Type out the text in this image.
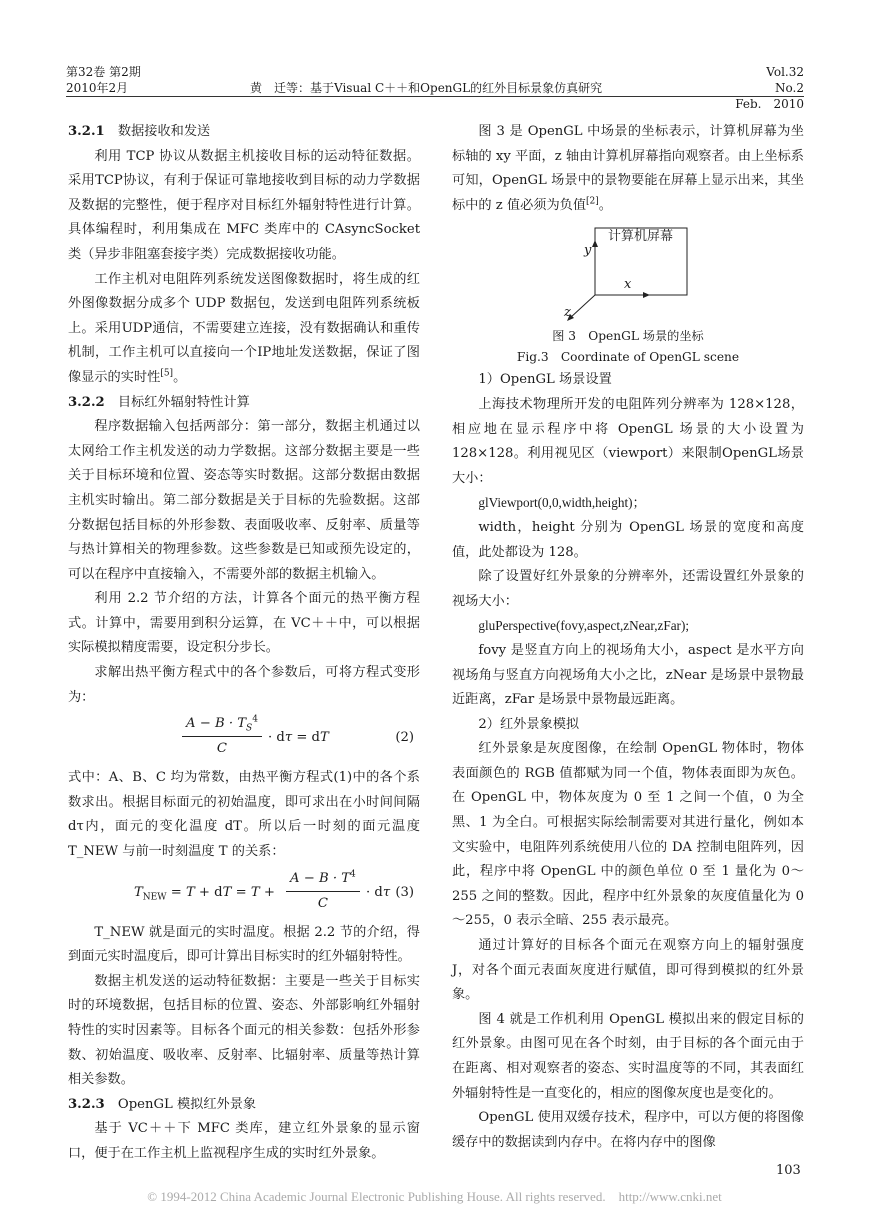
第32卷 第2期
2010年2月	黄　迁等：基于Visual C＋＋和OpenGL的红外目标景象仿真研究
Vol.32　No.2
Feb.　2010

3.2.1　 数据接收和发送

利用 TCP 协议从数据主机接收目标的运动特征数据。采用TCP协议，有利于保证可靠地接收到目标的动力学数据及数据的完整性，便于程序对目标红外辐射特性进行计算。具体编程时，利用集成在 MFC 类库中的 CAsyncSocket 类（异步非阻塞套接字类）完成数据接收功能。

工作主机对电阻阵列系统发送图像数据时，将生成的红外图像数据分成多个 UDP 数据包，发送到电阻阵列系统板上。采用UDP通信，不需要建立连接，没有数据确认和重传机制，工作主机可以直接向一个IP地址发送数据，保证了图像显示的实时性[5]。

3.2.2　 目标红外辐射特性计算

程序数据输入包括两部分：第一部分，数据主机通过以太网给工作主机发送的动力学数据。这部分数据主要是一些关于目标环境和位置、姿态等实时数据。这部分数据由数据主机实时输出。第二部分数据是关于目标的先验数据。这部分数据包括目标的外形参数、表面吸收率、反射率、质量等与热计算相关的物理参数。这些参数是已知或预先设定的，可以在程序中直接输入，不需要外部的数据主机输入。

利用 2.2 节介绍的方法，计算各个面元的热平衡方程式。计算中，需要用到积分运算，在 VC＋＋中，可以根据实际模拟精度需要，设定积分步长。

求解出热平衡方程式中的各个参数后，可将方程式变形为：

$\frac{A - B \cdot T_S^4}{C} \cdot d\tau$ = dT	(2)

式中：A、B、C 均为常数，由热平衡方程式(1)中的各个系数求出。根据目标面元的初始温度，即可求出在小时间间隔 dτ内，面元的变化温度 dT。所以后一时刻的面元温度 T_NEW 与前一时刻温度 T 的关系：

$T_{NEW} = T$ + dT = $T + \frac{A - B \cdot T^4}{C} \cdot d\tau$ (3)

T_NEW 就是面元的实时温度。根据 2.2 节的介绍，得到面元实时温度后，即可计算出目标实时的红外辐射特性。

数据主机发送的运动特征数据：主要是一些关于目标实时的环境数据，包括目标的位置、姿态、外部影响红外辐射特性的实时因素等。目标各个面元的相关参数：包括外形参数、初始温度、吸收率、反射率、比辐射率、质量等热计算相关参数。

3.2.3　 OpenGL 模拟红外景象

基于 VC＋＋下 MFC 类库，建立红外景象的显示窗口，便于在工作主机上监视程序生成的实时红外景象。

图 3 是 OpenGL 中场景的坐标表示，计算机屏幕为坐标轴的 xy 平面，z 轴由计算机屏幕指向观察者。由上坐标系可知，OpenGL 场景中的景物要能在屏幕上显示出来，其坐标中的 z 值必须为负值[2]。

计算机屏幕
y
x
z
图 3　OpenGL 场景的坐标
Fig.3　Coordinate of OpenGL scene

1）OpenGL 场景设置

上海技术物理所开发的电阻阵列分辨率为 128×128，相应地在显示程序中将 OpenGL 场景的大小设置为128×128。利用视见区（viewport）来限制OpenGL场景大小：

glViewport(0,0,width,height)；

width，height 分别为 OpenGL 场景的宽度和高度值，此处都设为 128。

除了设置好红外景象的分辨率外，还需设置红外景象的视场大小：

gluPerspective(fovy,aspect,zNear,zFar);

fovy 是竖直方向上的视场角大小，aspect 是水平方向视场角与竖直方向视场角大小之比，zNear 是场景中景物最近距离，zFar 是场景中景物最远距离。

2）红外景象模拟

红外景象是灰度图像，在绘制 OpenGL 物体时，物体表面颜色的 RGB 值都赋为同一个值，物体表面即为灰色。在 OpenGL 中，物体灰度为 0 至 1 之间一个值，0 为全黑、1 为全白。可根据实际绘制需要对其进行量化，例如本文实验中，电阻阵列系统使用八位的 DA 控制电阻阵列，因此，程序中将 OpenGL 中的颜色单位 0 至 1 量化为 0～255 之间的整数。因此，程序中红外景象的灰度值量化为 0～255，0 表示全暗、255 表示最亮。

通过计算好的目标各个面元在观察方向上的辐射强度 J，对各个面元表面灰度进行赋值，即可得到模拟的红外景象。

图 4 就是工作机利用 OpenGL 模拟出来的假定目标的红外景象。由图可见在各个时刻，由于目标的各个面元由于在距离、相对观察者的姿态、实时温度等的不同，其表面红外辐射特性是一直变化的，相应的图像灰度也是变化的。

OpenGL 使用双缓存技术，程序中，可以方便的将图像缓存中的数据读到内存中。在将内存中的图像

103
© 1994-2012 China Academic Journal Electronic Publishing House. All rights reserved.　http://www.cnki.net
